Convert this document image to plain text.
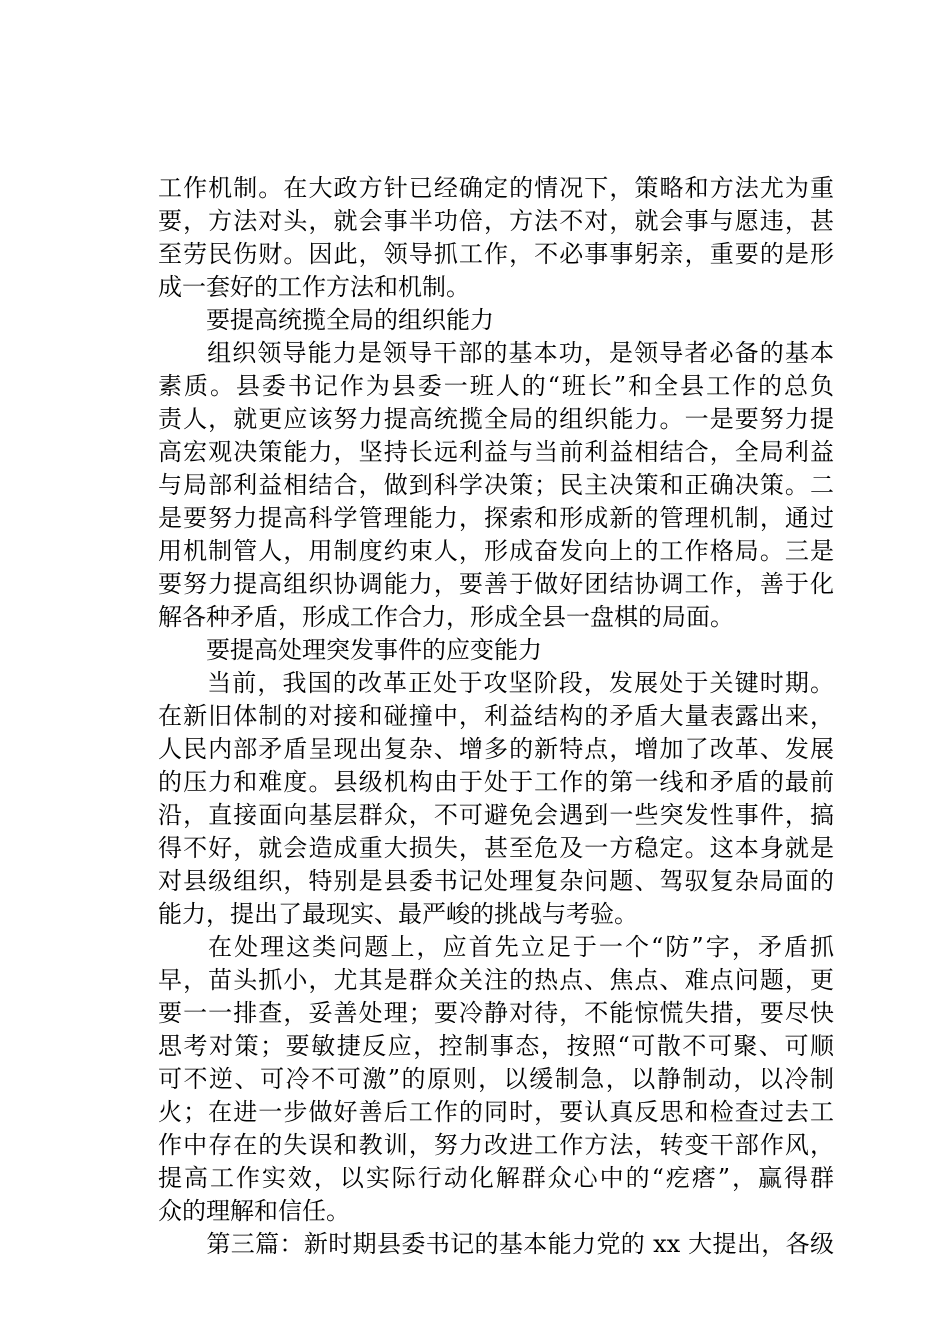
工作机制。在大政方针已经确定的情况下，策略和方法尤为重
要，方法对头，就会事半功倍，方法不对，就会事与愿违，甚
至劳民伤财。因此，领导抓工作，不必事事躬亲，重要的是形
成一套好的工作方法和机制。
　要提高统揽全局的组织能力
　组织领导能力是领导干部的基本功，是领导者必备的基本
素质。县委书记作为县委一班人的“班长”和全县工作的总负
责人，就更应该努力提高统揽全局的组织能力。一是要努力提
高宏观决策能力，坚持长远利益与当前利益相结合，全局利益
与局部利益相结合，做到科学决策；民主决策和正确决策。二
是要努力提高科学管理能力，探索和形成新的管理机制，通过
用机制管人，用制度约束人，形成奋发向上的工作格局。三是
要努力提高组织协调能力，要善于做好团结协调工作，善于化
解各种矛盾，形成工作合力，形成全县一盘棋的局面。
　要提高处理突发事件的应变能力
　当前，我国的改革正处于攻坚阶段，发展处于关键时期。
在新旧体制的对接和碰撞中，利益结构的矛盾大量表露出来，
人民内部矛盾呈现出复杂、增多的新特点，增加了改革、发展
的压力和难度。县级机构由于处于工作的第一线和矛盾的最前
沿，直接面向基层群众，不可避免会遇到一些突发性事件，搞
得不好，就会造成重大损失，甚至危及一方稳定。这本身就是
对县级组织，特别是县委书记处理复杂问题、驾驭复杂局面的
能力，提出了最现实、最严峻的挑战与考验。
　在处理这类问题上，应首先立足于一个“防”字，矛盾抓
早，苗头抓小，尤其是群众关注的热点、焦点、难点问题，更
要一一排查，妥善处理；要冷静对待，不能惊慌失措，要尽快
思考对策；要敏捷反应，控制事态，按照“可散不可聚、可顺
可不逆、可冷不可激”的原则，以缓制急，以静制动，以冷制
火；在进一步做好善后工作的同时，要认真反思和检查过去工
作中存在的失误和教训，努力改进工作方法，转变干部作风，
提高工作实效，以实际行动化解群众心中的“疙瘩”，赢得群
众的理解和信任。
　第三篇：新时期县委书记的基本能力党的 xx 大提出，各级
